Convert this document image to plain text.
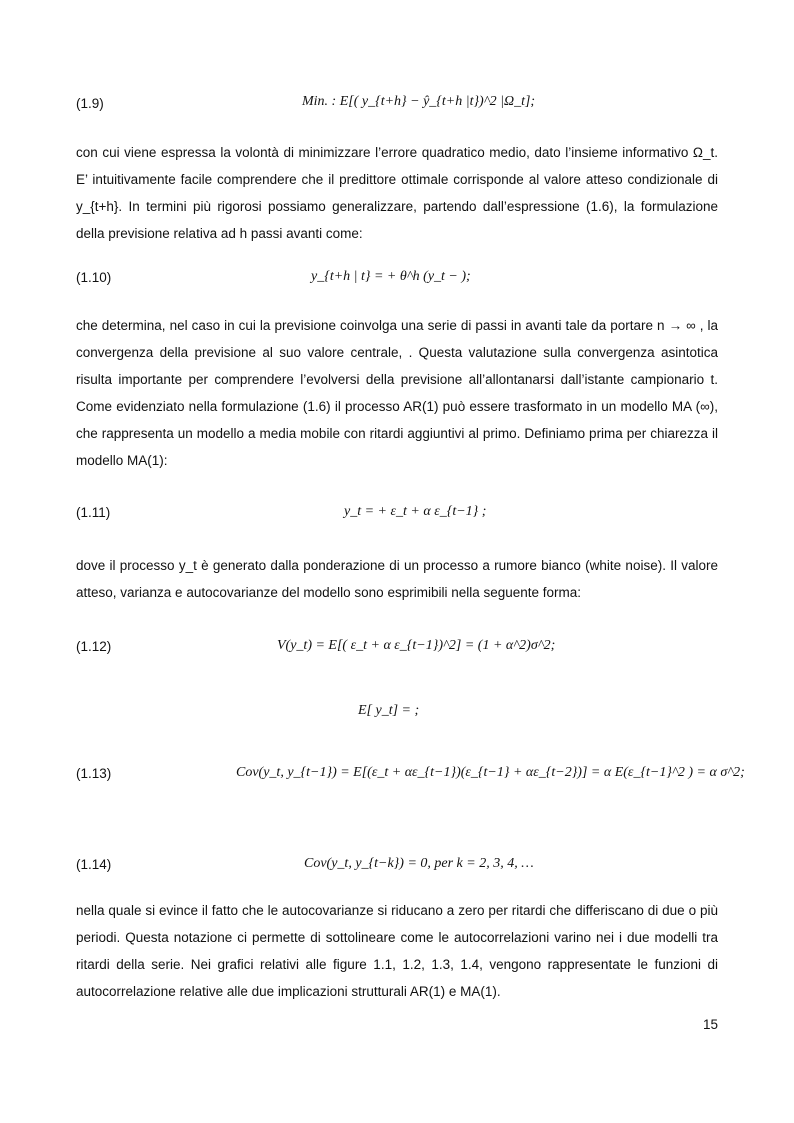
(1.9)	Min. : E[( y_{t+h} − ŷ_{t+h |t})^2 |Ω_t];
con cui viene espressa la volontà di minimizzare l’errore quadratico medio, dato l’insieme informativo Ω_t. E’ intuitivamente facile comprendere che il predittore ottimale corrisponde al valore atteso condizionale di y_{t+h}. In termini più rigorosi possiamo generalizzare, partendo dall’espressione (1.6), la formulazione della previsione relativa ad h passi avanti come:
(1.10)	y_{t+h | t} = + θ^h (y_t − );
che determina, nel caso in cui la previsione coinvolga una serie di passi in avanti tale da portare n → ∞ , la convergenza della previsione al suo valore centrale, . Questa valutazione sulla convergenza asintotica risulta importante per comprendere l’evolversi della previsione all’allontanarsi dall’istante campionario t. Come evidenziato nella formulazione (1.6) il processo AR(1) può essere trasformato in un modello MA (∞), che rappresenta un modello a media mobile con ritardi aggiuntivi al primo. Definiamo prima per chiarezza il modello MA(1):
(1.11)	y_t = + ε_t + α ε_{t−1} ;
dove il processo y_t è generato dalla ponderazione di un processo a rumore bianco (white noise). Il valore atteso, varianza e autocovarianze del modello sono esprimibili nella seguente forma:
(1.12)	V(y_t) = E[( ε_t + α ε_{t−1})^2] = (1 + α^2)σ^2;
E[ y_t] = ;
(1.13)	Cov(y_t, y_{t−1}) = E[(ε_t + αε_{t−1})(ε_{t−1} + αε_{t−2})] = α E(ε_{t−1}^2 ) = α σ^2;
(1.14)	Cov(y_t, y_{t−k}) = 0, per k = 2, 3, 4, …
nella quale si evince il fatto che le autocovarianze si riducano a zero per ritardi che differiscano di due o più periodi. Questa notazione ci permette di sottolineare come le autocorrelazioni varino nei i due modelli tra ritardi della serie. Nei grafici relativi alle figure 1.1, 1.2, 1.3, 1.4, vengono rappresentate le funzioni di autocorrelazione relative alle due implicazioni strutturali AR(1) e MA(1).
15
